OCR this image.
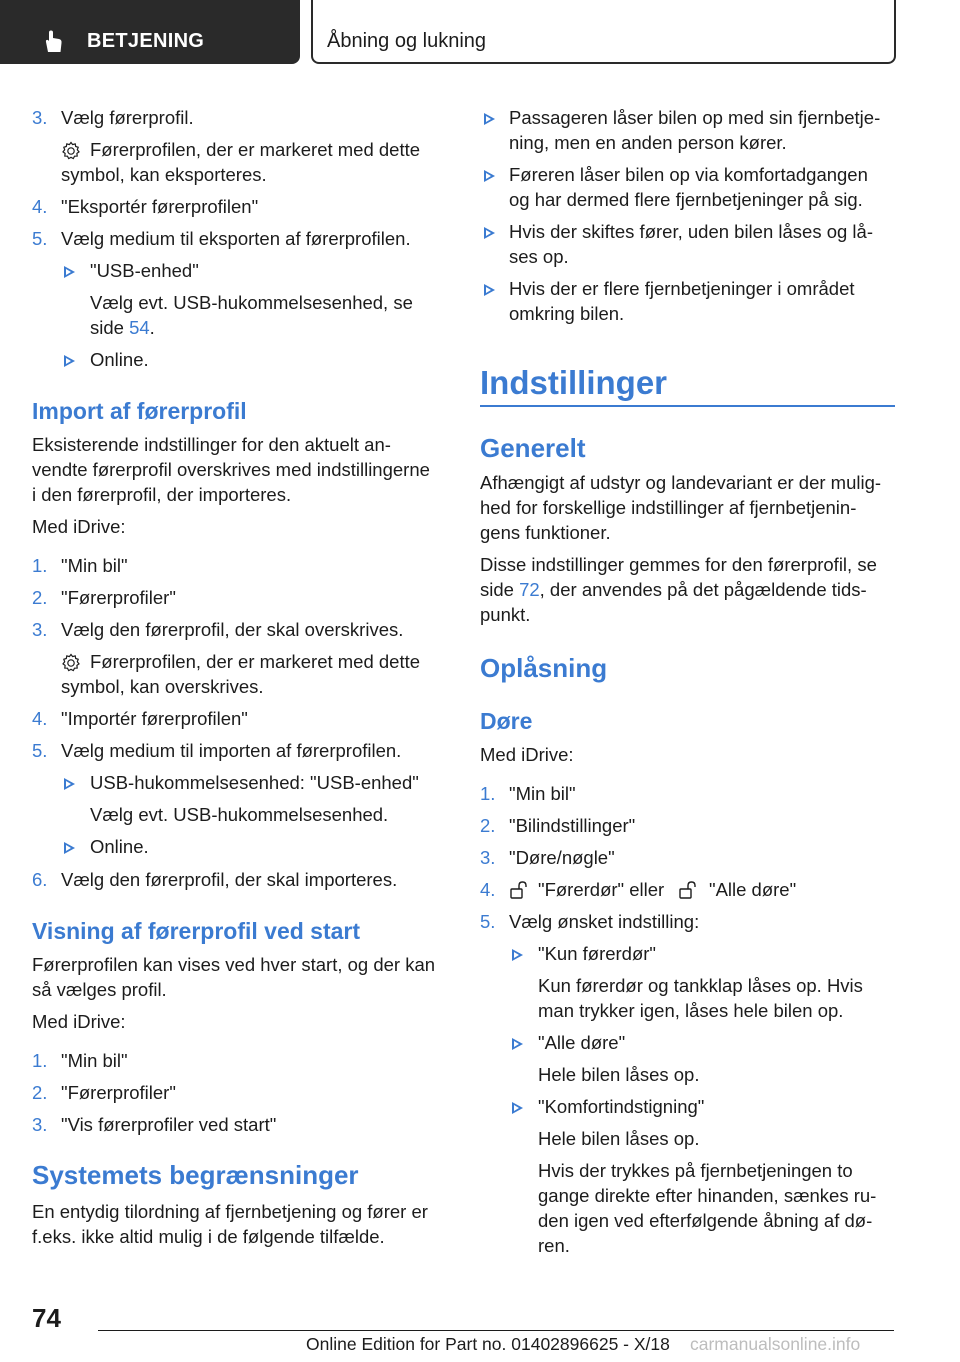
BETJENING	Åbning og lukning
3. Vælg førerprofil.
Førerprofilen, der er markeret med dette
symbol, kan eksporteres.
4. "Eksportér førerprofilen"
5. Vælg medium til eksporten af førerprofilen.
"USB-enhed"
Vælg evt. USB-hukommelsesenhed, se
side 54.
Online.
Import af førerprofil
Eksisterende indstillinger for den aktuelt an-
vendte førerprofil overskrives med indstillingerne
i den førerprofil, der importeres.
Med iDrive:
1. "Min bil"
2. "Førerprofiler"
3. Vælg den førerprofil, der skal overskrives.
Førerprofilen, der er markeret med dette
symbol, kan overskrives.
4. "Importér førerprofilen"
5. Vælg medium til importen af førerprofilen.
USB-hukommelsesenhed: "USB-enhed"
Vælg evt. USB-hukommelsesenhed.
Online.
6. Vælg den førerprofil, der skal importeres.
Visning af førerprofil ved start
Førerprofilen kan vises ved hver start, og der kan
så vælges profil.
Med iDrive:
1. "Min bil"
2. "Førerprofiler"
3. "Vis førerprofiler ved start"
Systemets begrænsninger
En entydig tilordning af fjernbetjening og fører er
f.eks. ikke altid mulig i de følgende tilfælde.
Passageren låser bilen op med sin fjernbetje-
ning, men en anden person kører.
Føreren låser bilen op via komfortadgangen
og har dermed flere fjernbetjeninger på sig.
Hvis der skiftes fører, uden bilen låses og lå-
ses op.
Hvis der er flere fjernbetjeninger i området
omkring bilen.
Indstillinger
Generelt
Afhængigt af udstyr og landevariant er der mulig-
hed for forskellige indstillinger af fjernbetjenin-
gens funktioner.
Disse indstillinger gemmes for den førerprofil, se
side 72, der anvendes på det pågældende tids-
punkt.
Oplåsning
Døre
Med iDrive:
1. "Min bil"
2. "Bilindstillinger"
3. "Døre/nøgle"
4. "Førerdør" eller "Alle døre"
5. Vælg ønsket indstilling:
"Kun førerdør"
Kun førerdør og tankklap låses op. Hvis
man trykker igen, låses hele bilen op.
"Alle døre"
Hele bilen låses op.
"Komfortindstigning"
Hele bilen låses op.
Hvis der trykkes på fjernbetjeningen to
gange direkte efter hinanden, sænkes ru-
den igen ved efterfølgende åbning af dø-
ren.
74
Online Edition for Part no. 01402896625 - X/18 carmanualsonline.info
